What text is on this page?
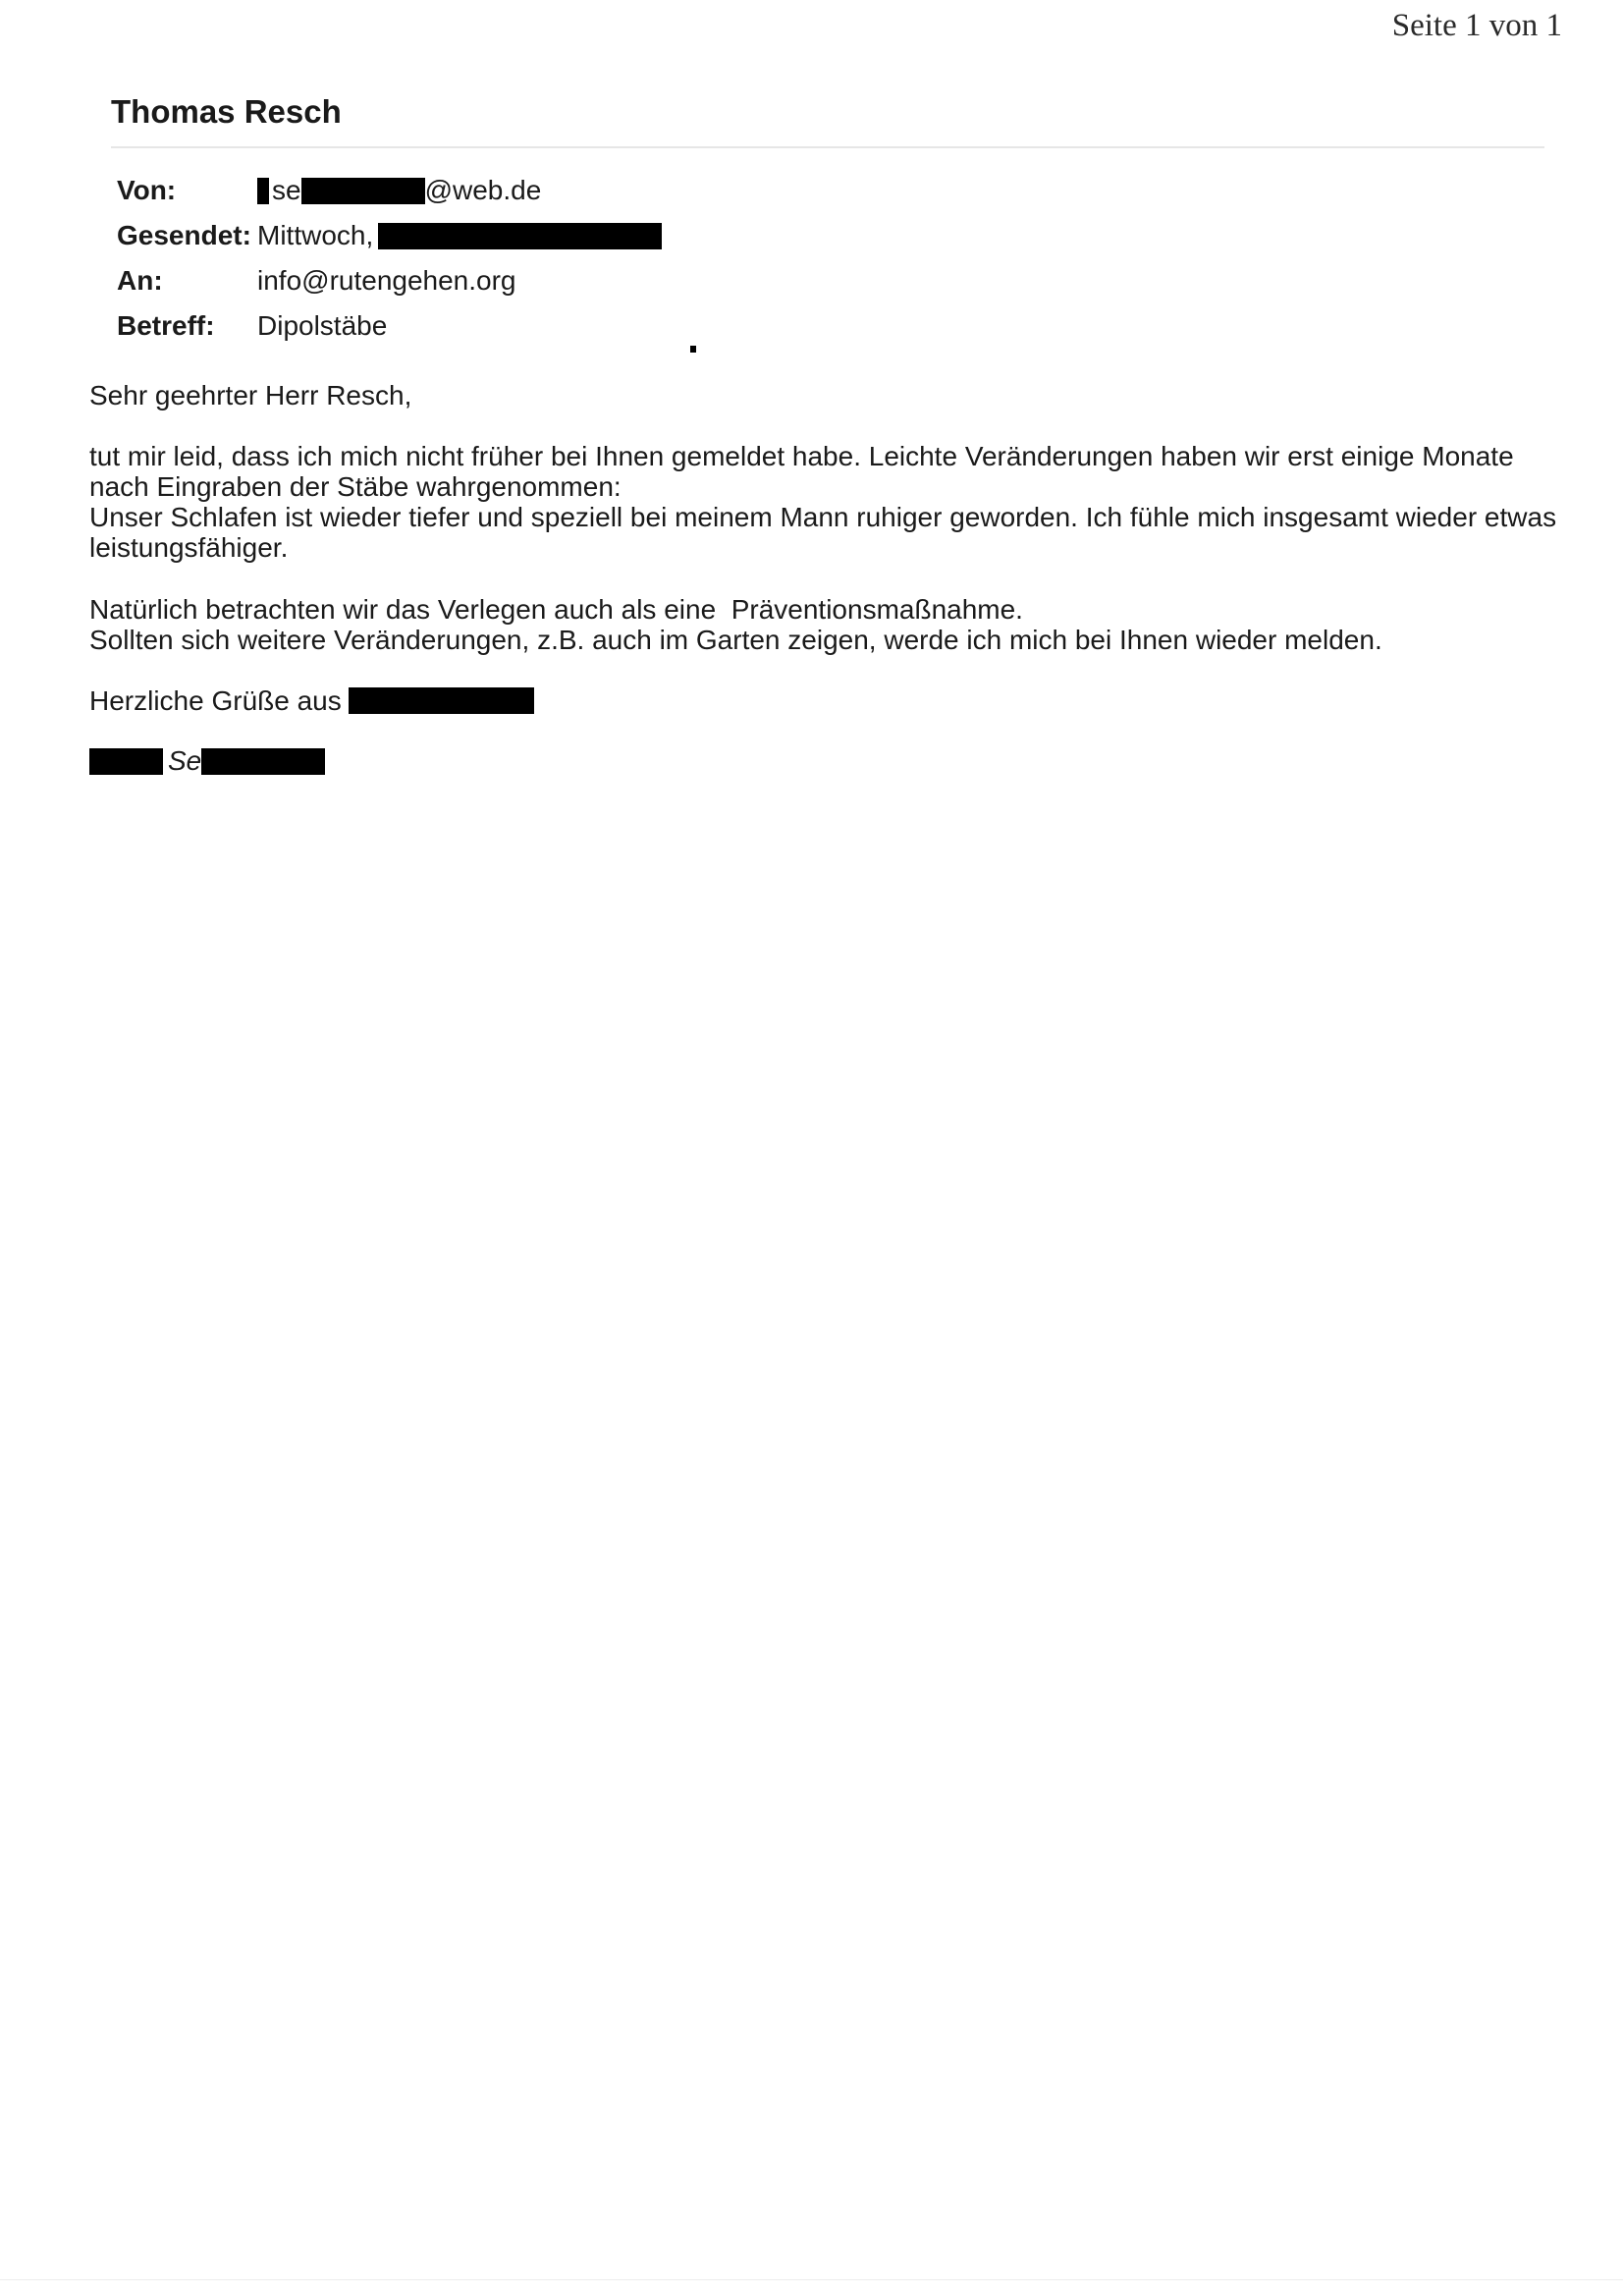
Seite 1 von 1
Thomas Resch
Von:	se	@web.de
Gesendet: Mittwoch,
An:	info@rutengehen.org
Betreff:	Dipolstäbe
Sehr geehrter Herr Resch,
tut mir leid, dass ich mich nicht früher bei Ihnen gemeldet habe. Leichte Veränderungen haben wir erst einige Monate
nach Eingraben der Stäbe wahrgenommen:
Unser Schlafen ist wieder tiefer und speziell bei meinem Mann ruhiger geworden. Ich fühle mich insgesamt wieder etwas
leistungsfähiger.
Natürlich betrachten wir das Verlegen auch als eine  Präventionsmaßnahme.
Sollten sich weitere Veränderungen, z.B. auch im Garten zeigen, werde ich mich bei Ihnen wieder melden.
Herzliche Grüße aus
Se
